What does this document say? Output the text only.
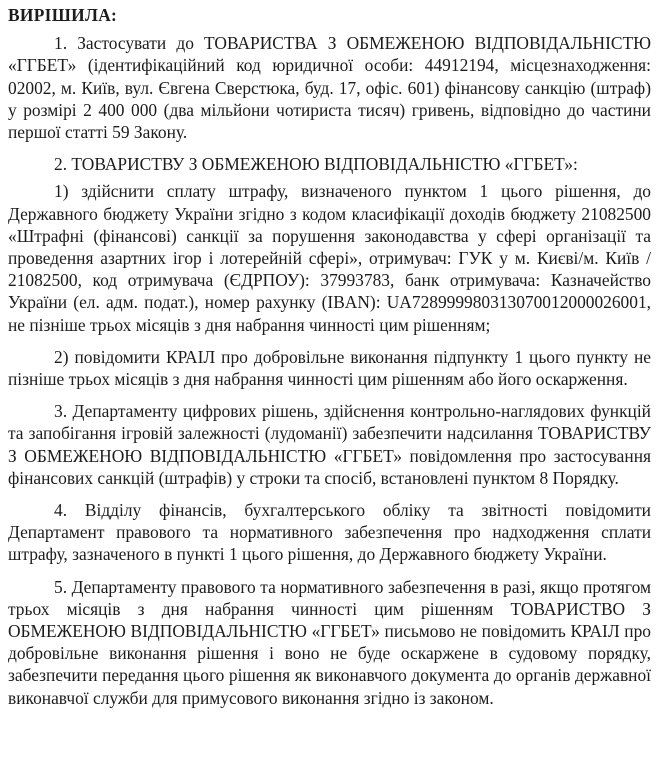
ВИРІШИЛА:

1. Застосувати до ТОВАРИСТВА З ОБМЕЖЕНОЮ ВІДПОВІДАЛЬНІСТЮ «ГГБЕТ» (ідентифікаційний код юридичної особи: 44912194, місцезнаходження: 02002, м. Київ, вул. Євгена Сверстюка, буд. 17, офіс. 601) фінансову санкцію (штраф) у розмірі 2 400 000 (два мільйони чотириста тисяч) гривень, відповідно до частини першої статті 59 Закону.

2. ТОВАРИСТВУ З ОБМЕЖЕНОЮ ВІДПОВІДАЛЬНІСТЮ «ГГБЕТ»:

1) здійснити сплату штрафу, визначеного пунктом 1 цього рішення, до Державного бюджету України згідно з кодом класифікації доходів бюджету 21082500 «Штрафні (фінансові) санкції за порушення законодавства у сфері організації та проведення азартних ігор і лотерейній сфері», отримувач: ГУК у м. Києві/м. Київ / 21082500, код отримувача (ЄДРПОУ): 37993783, банк отримувача: Казначейство України (ел. адм. подат.), номер рахунку (IBAN): UA728999980313070012000026001, не пізніше трьох місяців з дня набрання чинності цим рішенням;

2) повідомити КРАІЛ про добровільне виконання підпункту 1 цього пункту не пізніше трьох місяців з дня набрання чинності цим рішенням або його оскарження.

3. Департаменту цифрових рішень, здійснення контрольно-наглядових функцій та запобігання ігровій залежності (лудоманії) забезпечити надсилання ТОВАРИСТВУ З ОБМЕЖЕНОЮ ВІДПОВІДАЛЬНІСТЮ «ГГБЕТ» повідомлення про застосування фінансових санкцій (штрафів) у строки та спосіб, встановлені пунктом 8 Порядку.

4. Відділу фінансів, бухгалтерського обліку та звітності повідомити Департамент правового та нормативного забезпечення про надходження сплати штрафу, зазначеного в пункті 1 цього рішення, до Державного бюджету України.

5. Департаменту правового та нормативного забезпечення в разі, якщо протягом трьох місяців з дня набрання чинності цим рішенням ТОВАРИСТВО З ОБМЕЖЕНОЮ ВІДПОВІДАЛЬНІСТЮ «ГГБЕТ» письмово не повідомить КРАІЛ про добровільне виконання рішення і воно не буде оскаржене в судовому порядку, забезпечити передання цього рішення як виконавчого документа до органів державної виконавчої служби для примусового виконання згідно із законом.
